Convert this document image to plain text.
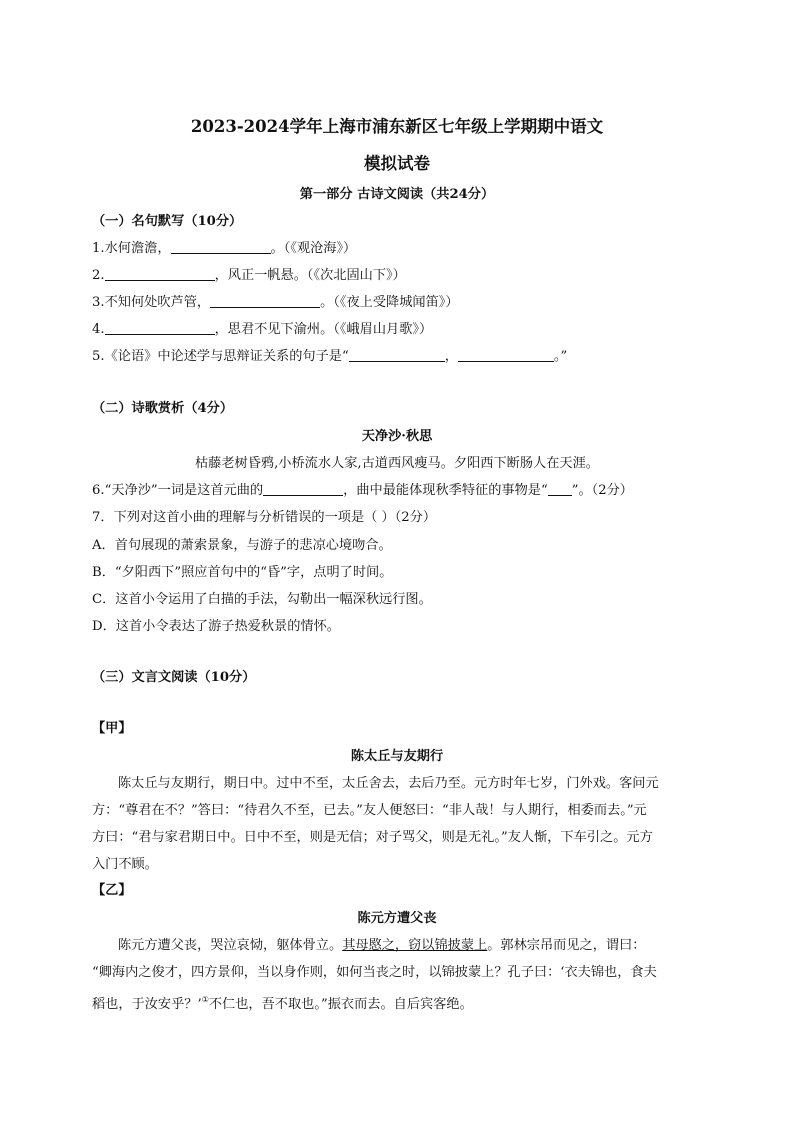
2023-2024学年上海市浦东新区七年级上学期期中语文
模拟试卷
第一部分 古诗文阅读（共24分）
（一）名句默写（10分）
1.水何澹澹，	。（《观沧海》）
2.	，风正一帆悬。（《次北固山下》）
3.不知何处吹芦管，	。（《夜上受降城闻笛》）
4.	，思君不见下渝州。（《峨眉山月歌》）
5.《论语》中论述学与思辩证关系的句子是“	，	。”
（二）诗歌赏析（4分）
天净沙·秋思
枯藤老树昏鸦,小桥流水人家,古道西风瘦马。夕阳西下断肠人在天涯。
6.“天净沙”一词是这首元曲的	，曲中最能体现秋季特征的事物是“ ”。（2分）
7．下列对这首小曲的理解与分析错误的一项是（ ）（2分）
A．首句展现的萧索景象，与游子的悲凉心境吻合。
B．“夕阳西下”照应首句中的“昏”字，点明了时间。
C．这首小令运用了白描的手法，勾勒出一幅深秋远行图。
D．这首小令表达了游子热爱秋景的情怀。
（三）文言文阅读（10分）
【甲】
陈太丘与友期行
陈太丘与友期行，期日中。过中不至，太丘舍去，去后乃至。元方时年七岁，门外戏。客问元
方：“尊君在不？”答曰：“待君久不至，已去。”友人便怒曰：“非人哉！与人期行，相委而去。”元
方曰：“君与家君期日中。日中不至，则是无信；对子骂父，则是无礼。”友人惭，下车引之。元方
入门不顾。
【乙】
陈元方遭父丧
陈元方遭父丧，哭泣哀恸，躯体骨立。其母愍之，窃以锦披蒙上。郭林宗吊而见之，谓曰：
“卿海内之俊才，四方景仰，当以身作则，如何当丧之时，以锦披蒙上？孔子曰：‘衣夫锦也，食夫
稻也，于汝安乎？’①不仁也，吾不取也。”振衣而去。自后宾客绝。
